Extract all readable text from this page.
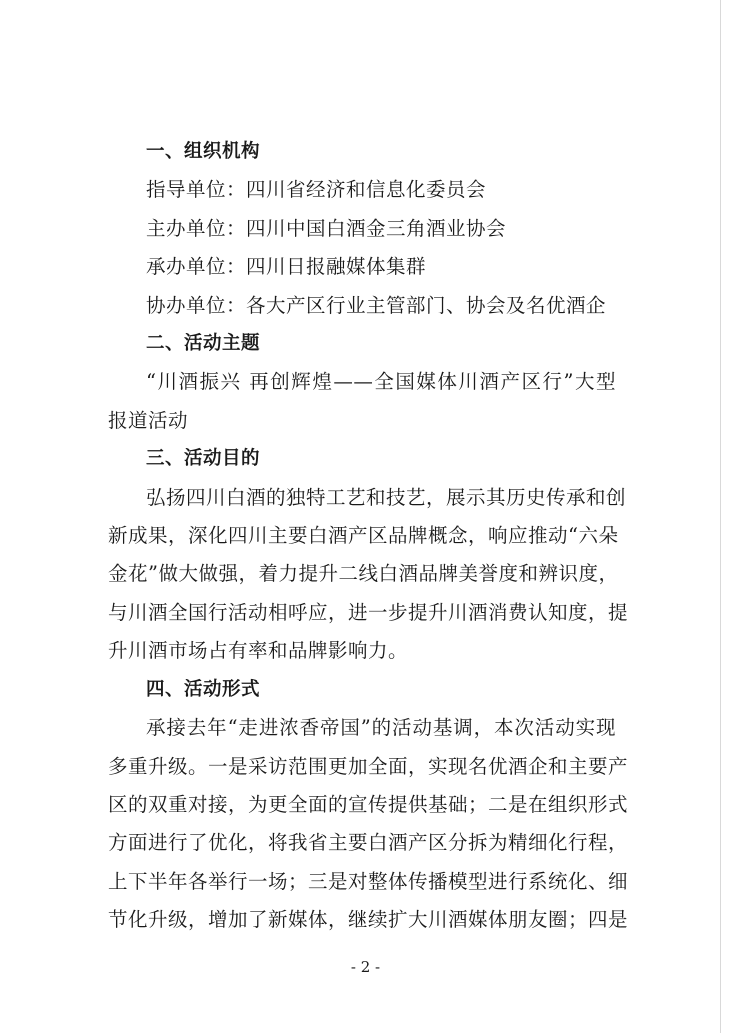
一、组织机构
指导单位：四川省经济和信息化委员会
主办单位：四川中国白酒金三角酒业协会
承办单位：四川日报融媒体集群
协办单位：各大产区行业主管部门、协会及名优酒企
二、活动主题
“川酒振兴 再创辉煌——全国媒体川酒产区行”大型
报道活动
三、活动目的
弘扬四川白酒的独特工艺和技艺，展示其历史传承和创
新成果，深化四川主要白酒产区品牌概念，响应推动“六朵
金花”做大做强，着力提升二线白酒品牌美誉度和辨识度，
与川酒全国行活动相呼应，进一步提升川酒消费认知度，提
升川酒市场占有率和品牌影响力。
四、活动形式
承接去年“走进浓香帝国”的活动基调，本次活动实现
多重升级。一是采访范围更加全面，实现名优酒企和主要产
区的双重对接，为更全面的宣传提供基础；二是在组织形式
方面进行了优化，将我省主要白酒产区分拆为精细化行程，
上下半年各举行一场；三是对整体传播模型进行系统化、细
节化升级，增加了新媒体，继续扩大川酒媒体朋友圈；四是
- 2 -
